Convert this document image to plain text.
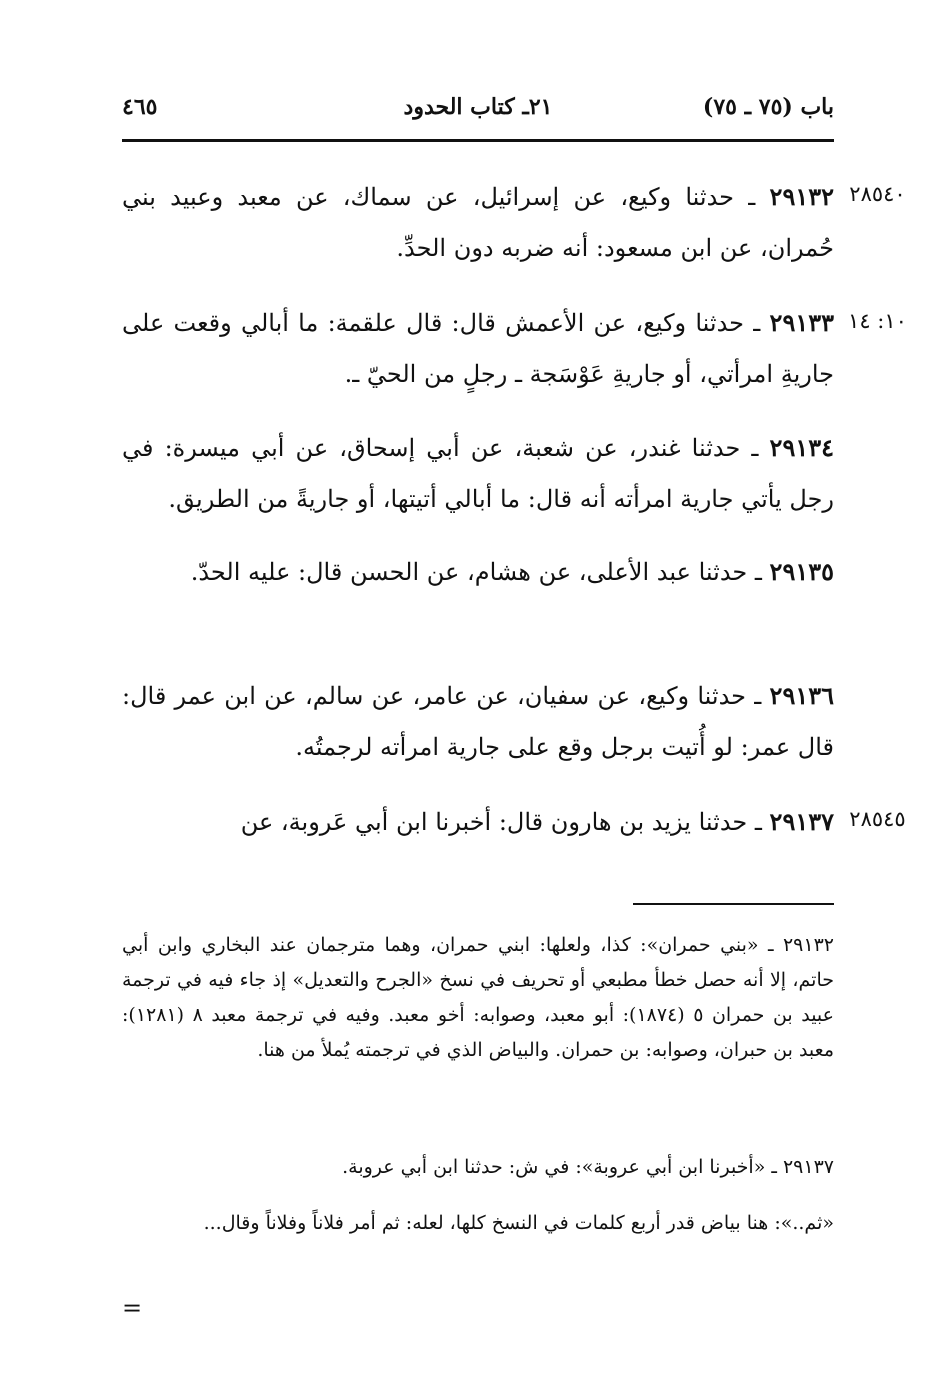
باب (٧٥ ـ ٧٥)
٢١ـ كتاب الحدود
٤٦٥
٢٨٥٤٠
١٠: ١٤
٢٨٥٤٥
٢٩١٣٢ ـ حدثنا وكيع، عن إسرائيل، عن سماك، عن معبد وعبيد بني حُمران، عن ابن مسعود: أنه ضربه دون الحدِّ.
٢٩١٣٣ ـ حدثنا وكيع، عن الأعمش قال: قال علقمة: ما أبالي وقعت على جاريةِ امرأتي، أو جاريةِ عَوْسَجة ـ رجلٍ من الحيّ ـ.
٢٩١٣٤ ـ حدثنا غندر، عن شعبة، عن أبي إسحاق، عن أبي ميسرة: في رجل يأتي جارية امرأته أنه قال: ما أبالي أتيتها، أو جاريةً من الطريق.
٢٩١٣٥ ـ حدثنا عبد الأعلى، عن هشام، عن الحسن قال: عليه الحدّ.
٢٩١٣٦ ـ حدثنا وكيع، عن سفيان، عن عامر، عن سالم، عن ابن عمر قال: قال عمر: لو أُتيت برجل وقع على جارية امرأته لرجمتُه.
٢٩١٣٧ ـ حدثنا يزيد بن هارون قال: أخبرنا ابن أبي عَروبة، عن
٢٩١٣٢ ـ «بني حمران»: كذا، ولعلها: ابني حمران، وهما مترجمان عند البخاري وابن أبي حاتم، إلا أنه حصل خطأ مطبعي أو تحريف في نسخ «الجرح والتعديل» إذ جاء فيه في ترجمة عبيد بن حمران ٥ (١٨٧٤): أبو معبد، وصوابه: أخو معبد. وفيه في ترجمة معبد ٨ (١٢٨١): معبد بن حبران، وصوابه: بن حمران. والبياض الذي في ترجمته يُملأ من هنا.
٢٩١٣٧ ـ «أخبرنا ابن أبي عروبة»: في ش: حدثنا ابن أبي عروبة.
«ثم..»: هنا بياض قدر أربع كلمات في النسخ كلها، لعله: ثم أمر فلاناً وفلاناً وقال...
=
